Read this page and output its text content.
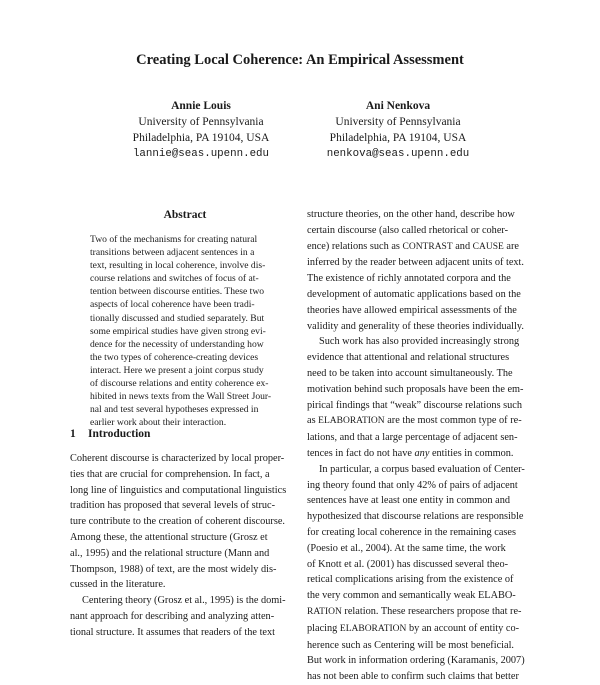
Creating Local Coherence: An Empirical Assessment
Annie Louis
University of Pennsylvania
Philadelphia, PA 19104, USA
lannie@seas.upenn.edu
Ani Nenkova
University of Pennsylvania
Philadelphia, PA 19104, USA
nenkova@seas.upenn.edu
Abstract
Two of the mechanisms for creating natural
transitions between adjacent sentences in a
text, resulting in local coherence, involve dis-
course relations and switches of focus of at-
tention between discourse entities. These two
aspects of local coherence have been tradi-
tionally discussed and studied separately. But
some empirical studies have given strong evi-
dence for the necessity of understanding how
the two types of coherence-creating devices
interact. Here we present a joint corpus study
of discourse relations and entity coherence ex-
hibited in news texts from the Wall Street Jour-
nal and test several hypotheses expressed in
earlier work about their interaction.
1 Introduction
Coherent discourse is characterized by local proper-
ties that are crucial for comprehension. In fact, a
long line of linguistics and computational linguistics
tradition has proposed that several levels of struc-
ture contribute to the creation of coherent discourse.
Among these, the attentional structure (Grosz et
al., 1995) and the relational structure (Mann and
Thompson, 1988) of text, are the most widely dis-
cussed in the literature.
Centering theory (Grosz et al., 1995) is the domi-
nant approach for describing and analyzing atten-
tional structure. It assumes that readers of the text
structure theories, on the other hand, describe how
certain discourse (also called rhetorical or coher-
ence) relations such as CONTRAST and CAUSE are
inferred by the reader between adjacent units of text.
The existence of richly annotated corpora and the
development of automatic applications based on the
theories have allowed empirical assessments of the
validity and generality of these theories individually.
Such work has also provided increasingly strong
evidence that attentional and relational structures
need to be taken into account simultaneously. The
motivation behind such proposals have been the em-
pirical findings that “weak” discourse relations such
as ELABORATION are the most common type of re-
lations, and that a large percentage of adjacent sen-
tences in fact do not have any entities in common.
In particular, a corpus based evaluation of Center-
ing theory found that only 42% of pairs of adjacent
sentences have at least one entity in common and
hypothesized that discourse relations are responsible
for creating local coherence in the remaining cases
(Poesio et al., 2004). At the same time, the work
of Knott et al. (2001) has discussed several theo-
retical complications arising from the existence of
the very common and semantically weak ELABO-
RATION relation. These researchers propose that re-
placing ELABORATION by an account of entity co-
herence such as Centering will be most beneficial.
But work in information ordering (Karamanis, 2007)
has not been able to confirm such claims that better
